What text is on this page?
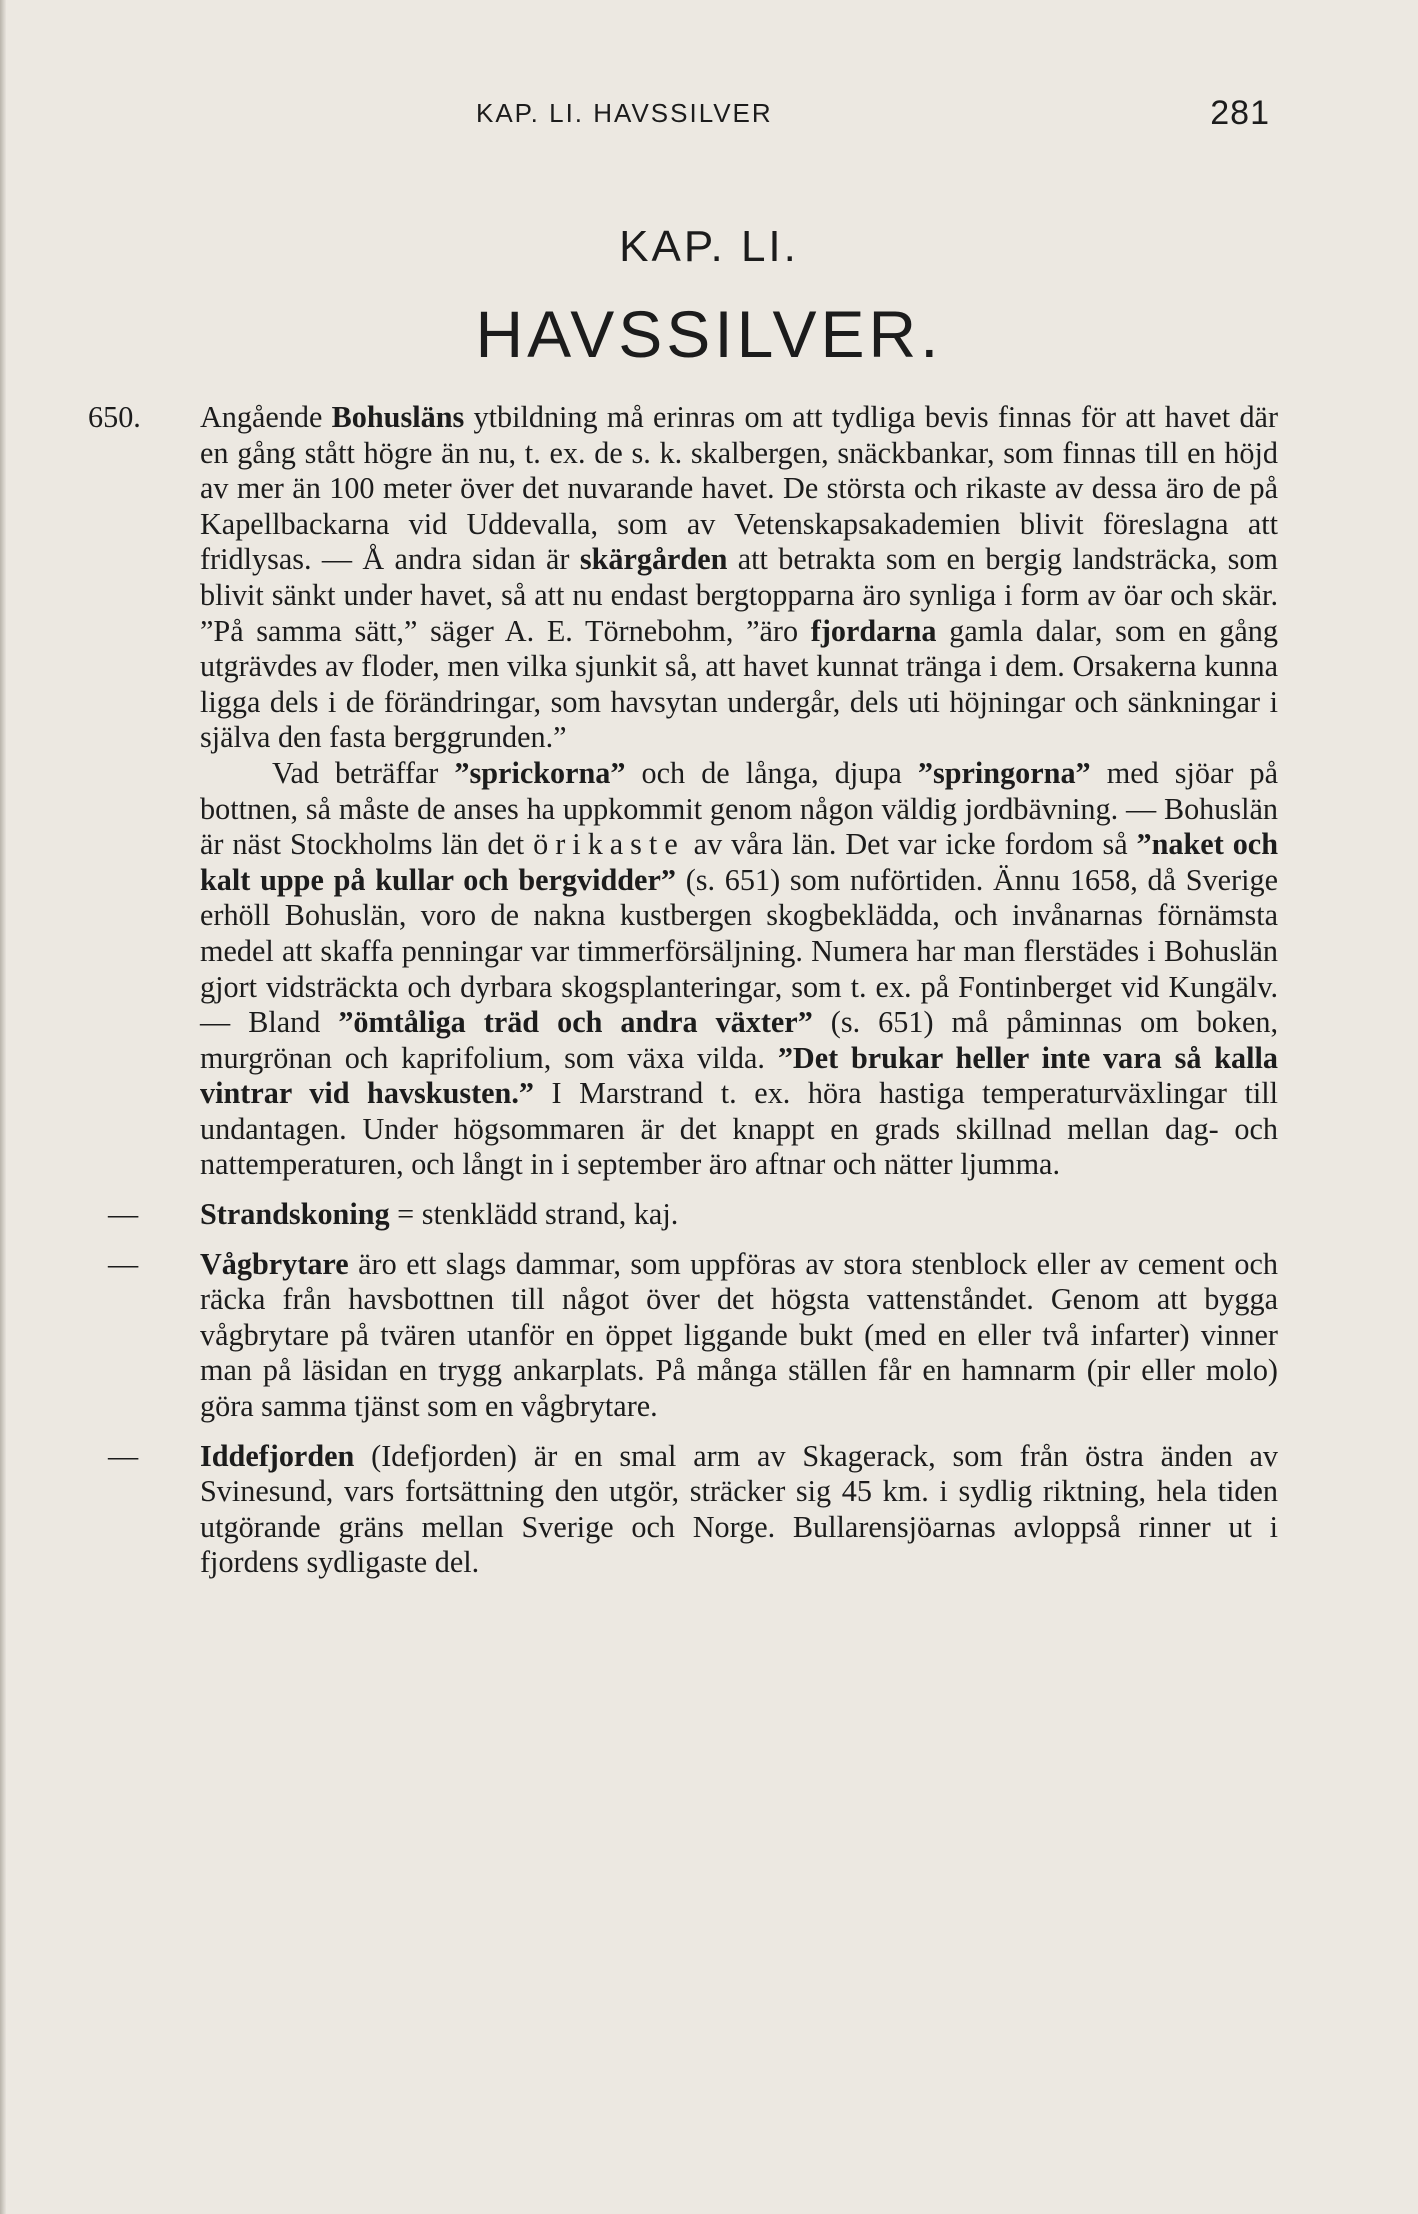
KAP. LI. HAVSSILVER	281
KAP. LI.
HAVSSILVER.

650. Angående Bohusläns ytbildning må erinras om att tydliga bevis finnas för att havet där en gång stått högre än nu, t. ex. de s. k. skalbergen, snäckbankar, som finnas till en höjd av mer än 100 meter över det nuvarande havet. De största och rikaste av dessa äro de på Kapellbackarna vid Uddevalla, som av Vetenskapsakademien blivit föreslagna att fridlysas. — Å andra sidan är skärgården att betrakta som en bergig landsträcka, som blivit sänkt under havet, så att nu endast bergtopparna äro synliga i form av öar och skär. ”På samma sätt,” säger A. E. Törnebohm, ”äro fjordarna gamla dalar, som en gång utgrävdes av floder, men vilka sjunkit så, att havet kunnat tränga i dem. Orsakerna kunna ligga dels i de förändringar, som havsytan undergår, dels uti höjningar och sänkningar i själva den fasta berggrunden.”

Vad beträffar ”sprickorna” och de långa, djupa ”springorna” med sjöar på bottnen, så måste de anses ha uppkommit genom någon väldig jordbävning. — Bohuslän är näst Stockholms län det örikaste av våra län. Det var icke fordom så ”naket och kalt uppe på kullar och bergvidder” (s. 651) som nuförtiden. Ännu 1658, då Sverige erhöll Bohuslän, voro de nakna kustbergen skogbeklädda, och invånarnas förnämsta medel att skaffa penningar var timmerförsäljning. Numera har man flerstädes i Bohuslän gjort vidsträckta och dyrbara skogsplanteringar, som t. ex. på Fontinberget vid Kungälv. — Bland ”ömtåliga träd och andra växter” (s. 651) må påminnas om boken, murgrönan och kaprifolium, som växa vilda. ”Det brukar heller inte vara så kalla vintrar vid havskusten.” I Marstrand t. ex. höra hastiga temperaturväxlingar till undantagen. Under högsommaren är det knappt en grads skillnad mellan dag- och nattemperaturen, och långt in i september äro aftnar och nätter ljumma.

— Strandskoning = stenklädd strand, kaj.

— Vågbrytare äro ett slags dammar, som uppföras av stora stenblock eller av cement och räcka från havsbottnen till något över det högsta vattenståndet. Genom att bygga vågbrytare på tvären utanför en öppet liggande bukt (med en eller två infarter) vinner man på läsidan en trygg ankarplats. På många ställen får en hamnarm (pir eller molo) göra samma tjänst som en vågbrytare.

— Iddefjorden (Idefjorden) är en smal arm av Skagerack, som från östra änden av Svinesund, vars fortsättning den utgör, sträcker sig 45 km. i sydlig riktning, hela tiden utgörande gräns mellan Sverige och Norge. Bullarensjöarnas avloppså rinner ut i fjordens sydligaste del.
